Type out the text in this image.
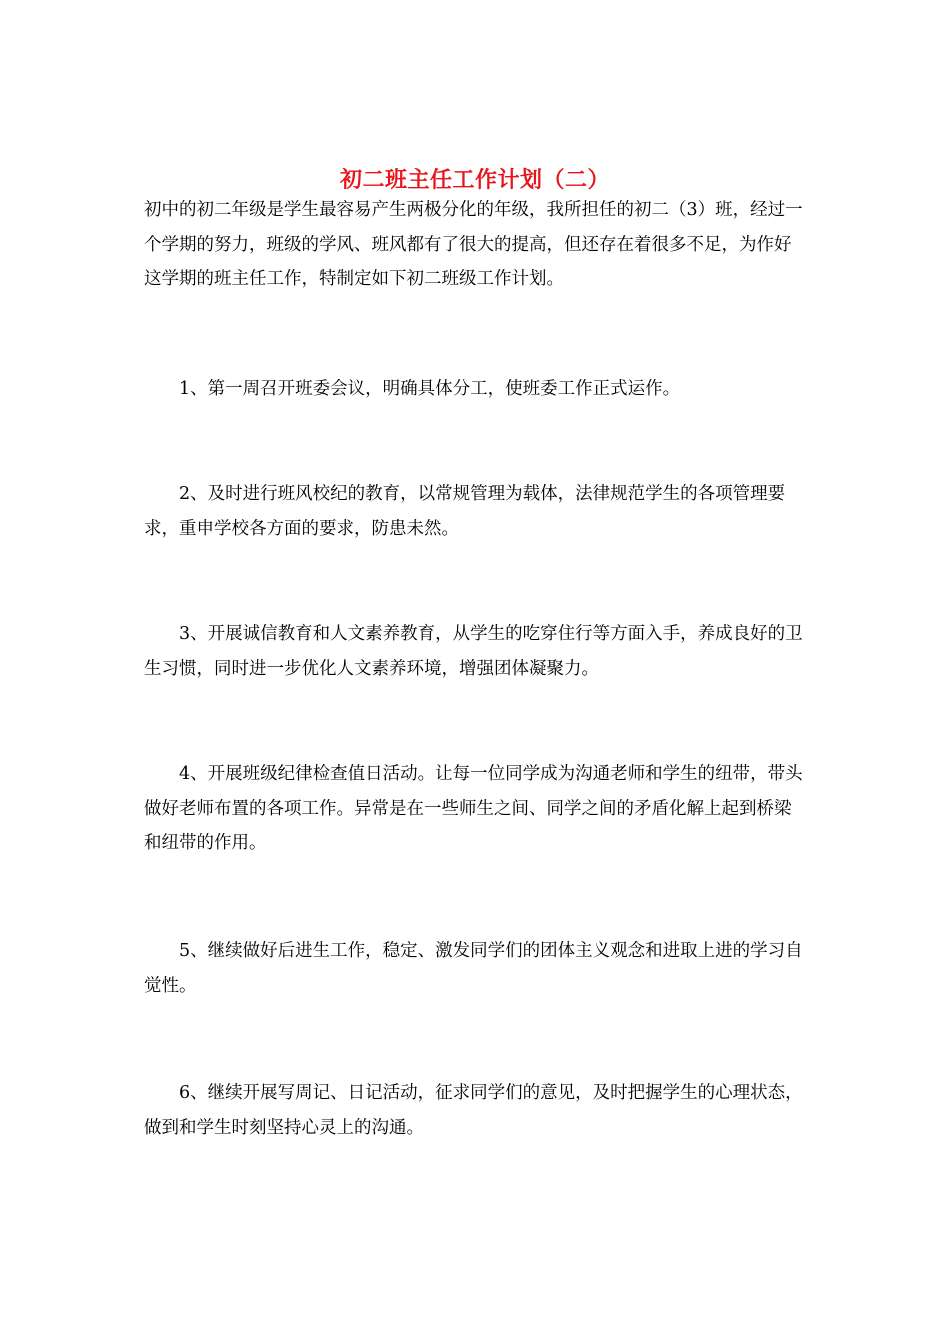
初二班主任工作计划（二）

初中的初二年级是学生最容易产生两极分化的年级，我所担任的初二（3）班，经过一个学期的努力，班级的学风、班风都有了很大的提高，但还存在着很多不足，为作好这学期的班主任工作，特制定如下初二班级工作计划。

1、第一周召开班委会议，明确具体分工，使班委工作正式运作。

2、及时进行班风校纪的教育，以常规管理为载体，法律规范学生的各项管理要求，重申学校各方面的要求，防患未然。

3、开展诚信教育和人文素养教育，从学生的吃穿住行等方面入手，养成良好的卫生习惯，同时进一步优化人文素养环境，增强团体凝聚力。

4、开展班级纪律检查值日活动。让每一位同学成为沟通老师和学生的纽带，带头做好老师布置的各项工作。异常是在一些师生之间、同学之间的矛盾化解上起到桥梁和纽带的作用。

5、继续做好后进生工作，稳定、激发同学们的团体主义观念和进取上进的学习自觉性。

6、继续开展写周记、日记活动，征求同学们的意见，及时把握学生的心理状态，做到和学生时刻坚持心灵上的沟通。
